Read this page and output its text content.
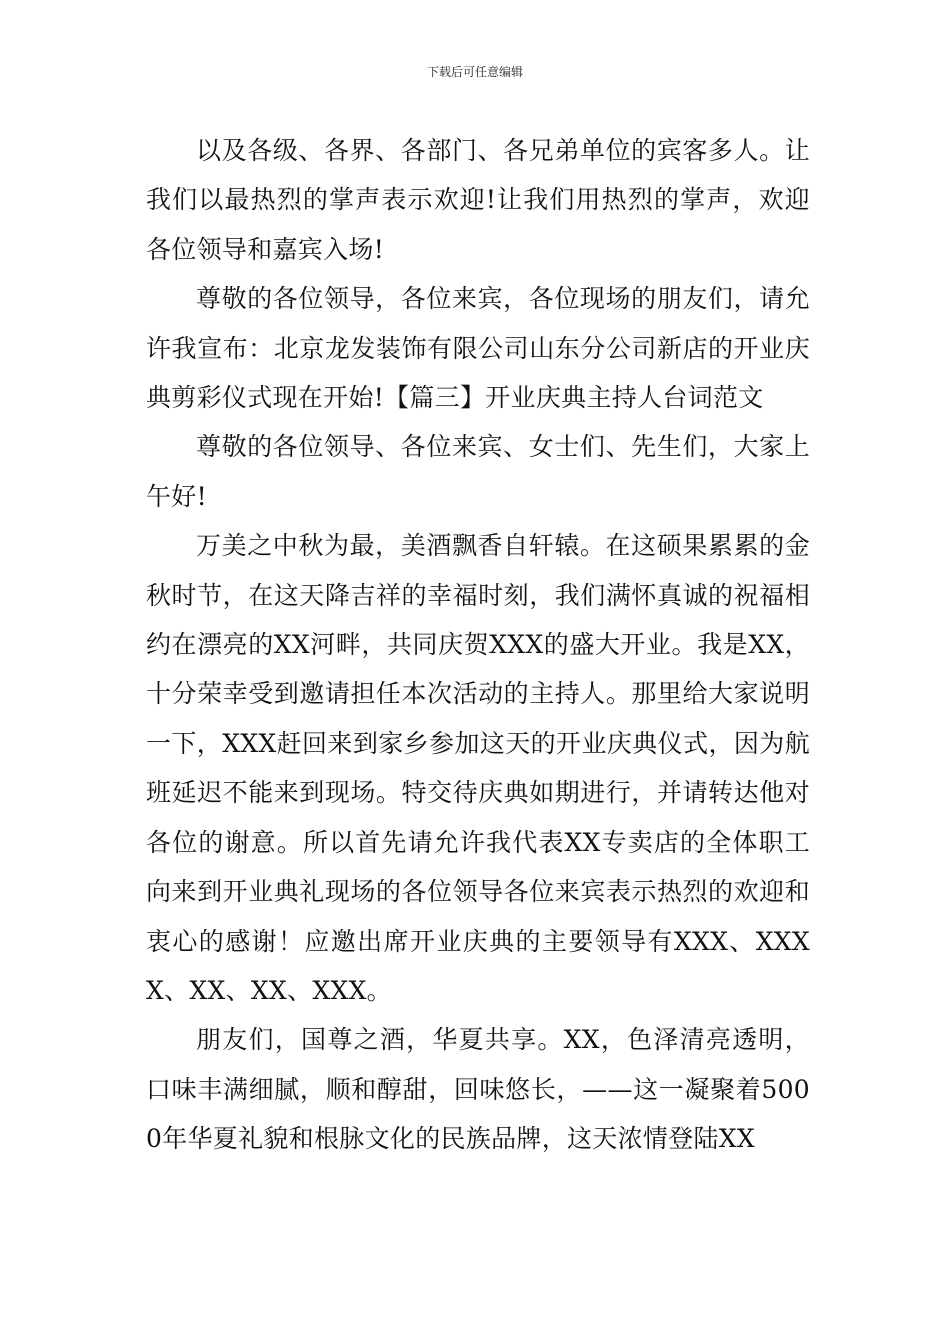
下载后可任意编辑

以及各级、各界、各部门、各兄弟单位的宾客多人。让我们以最热烈的掌声表示欢迎!让我们用热烈的掌声，欢迎各位领导和嘉宾入场!

尊敬的各位领导，各位来宾，各位现场的朋友们，请允许我宣布：北京龙发装饰有限公司山东分公司新店的开业庆典剪彩仪式现在开始!【篇三】开业庆典主持人台词范文

尊敬的各位领导、各位来宾、女士们、先生们，大家上午好!

万美之中秋为最，美酒飘香自轩辕。在这硕果累累的金秋时节，在这天降吉祥的幸福时刻，我们满怀真诚的祝福相约在漂亮的XX河畔，共同庆贺XXX的盛大开业。我是XX，十分荣幸受到邀请担任本次活动的主持人。那里给大家说明一下，XXX赶回来到家乡参加这天的开业庆典仪式，因为航班延迟不能来到现场。特交待庆典如期进行，并请转达他对各位的谢意。所以首先请允许我代表XX专卖店的全体职工向来到开业典礼现场的各位领导各位来宾表示热烈的欢迎和衷心的感谢！应邀出席开业庆典的主要领导有XXX、XXXX、XX、XX、XXX。

朋友们，国尊之酒，华夏共享。XX，色泽清亮透明，口味丰满细腻，顺和醇甜，回味悠长，——这一凝聚着5000年华夏礼貌和根脉文化的民族品牌，这天浓情登陆XX
